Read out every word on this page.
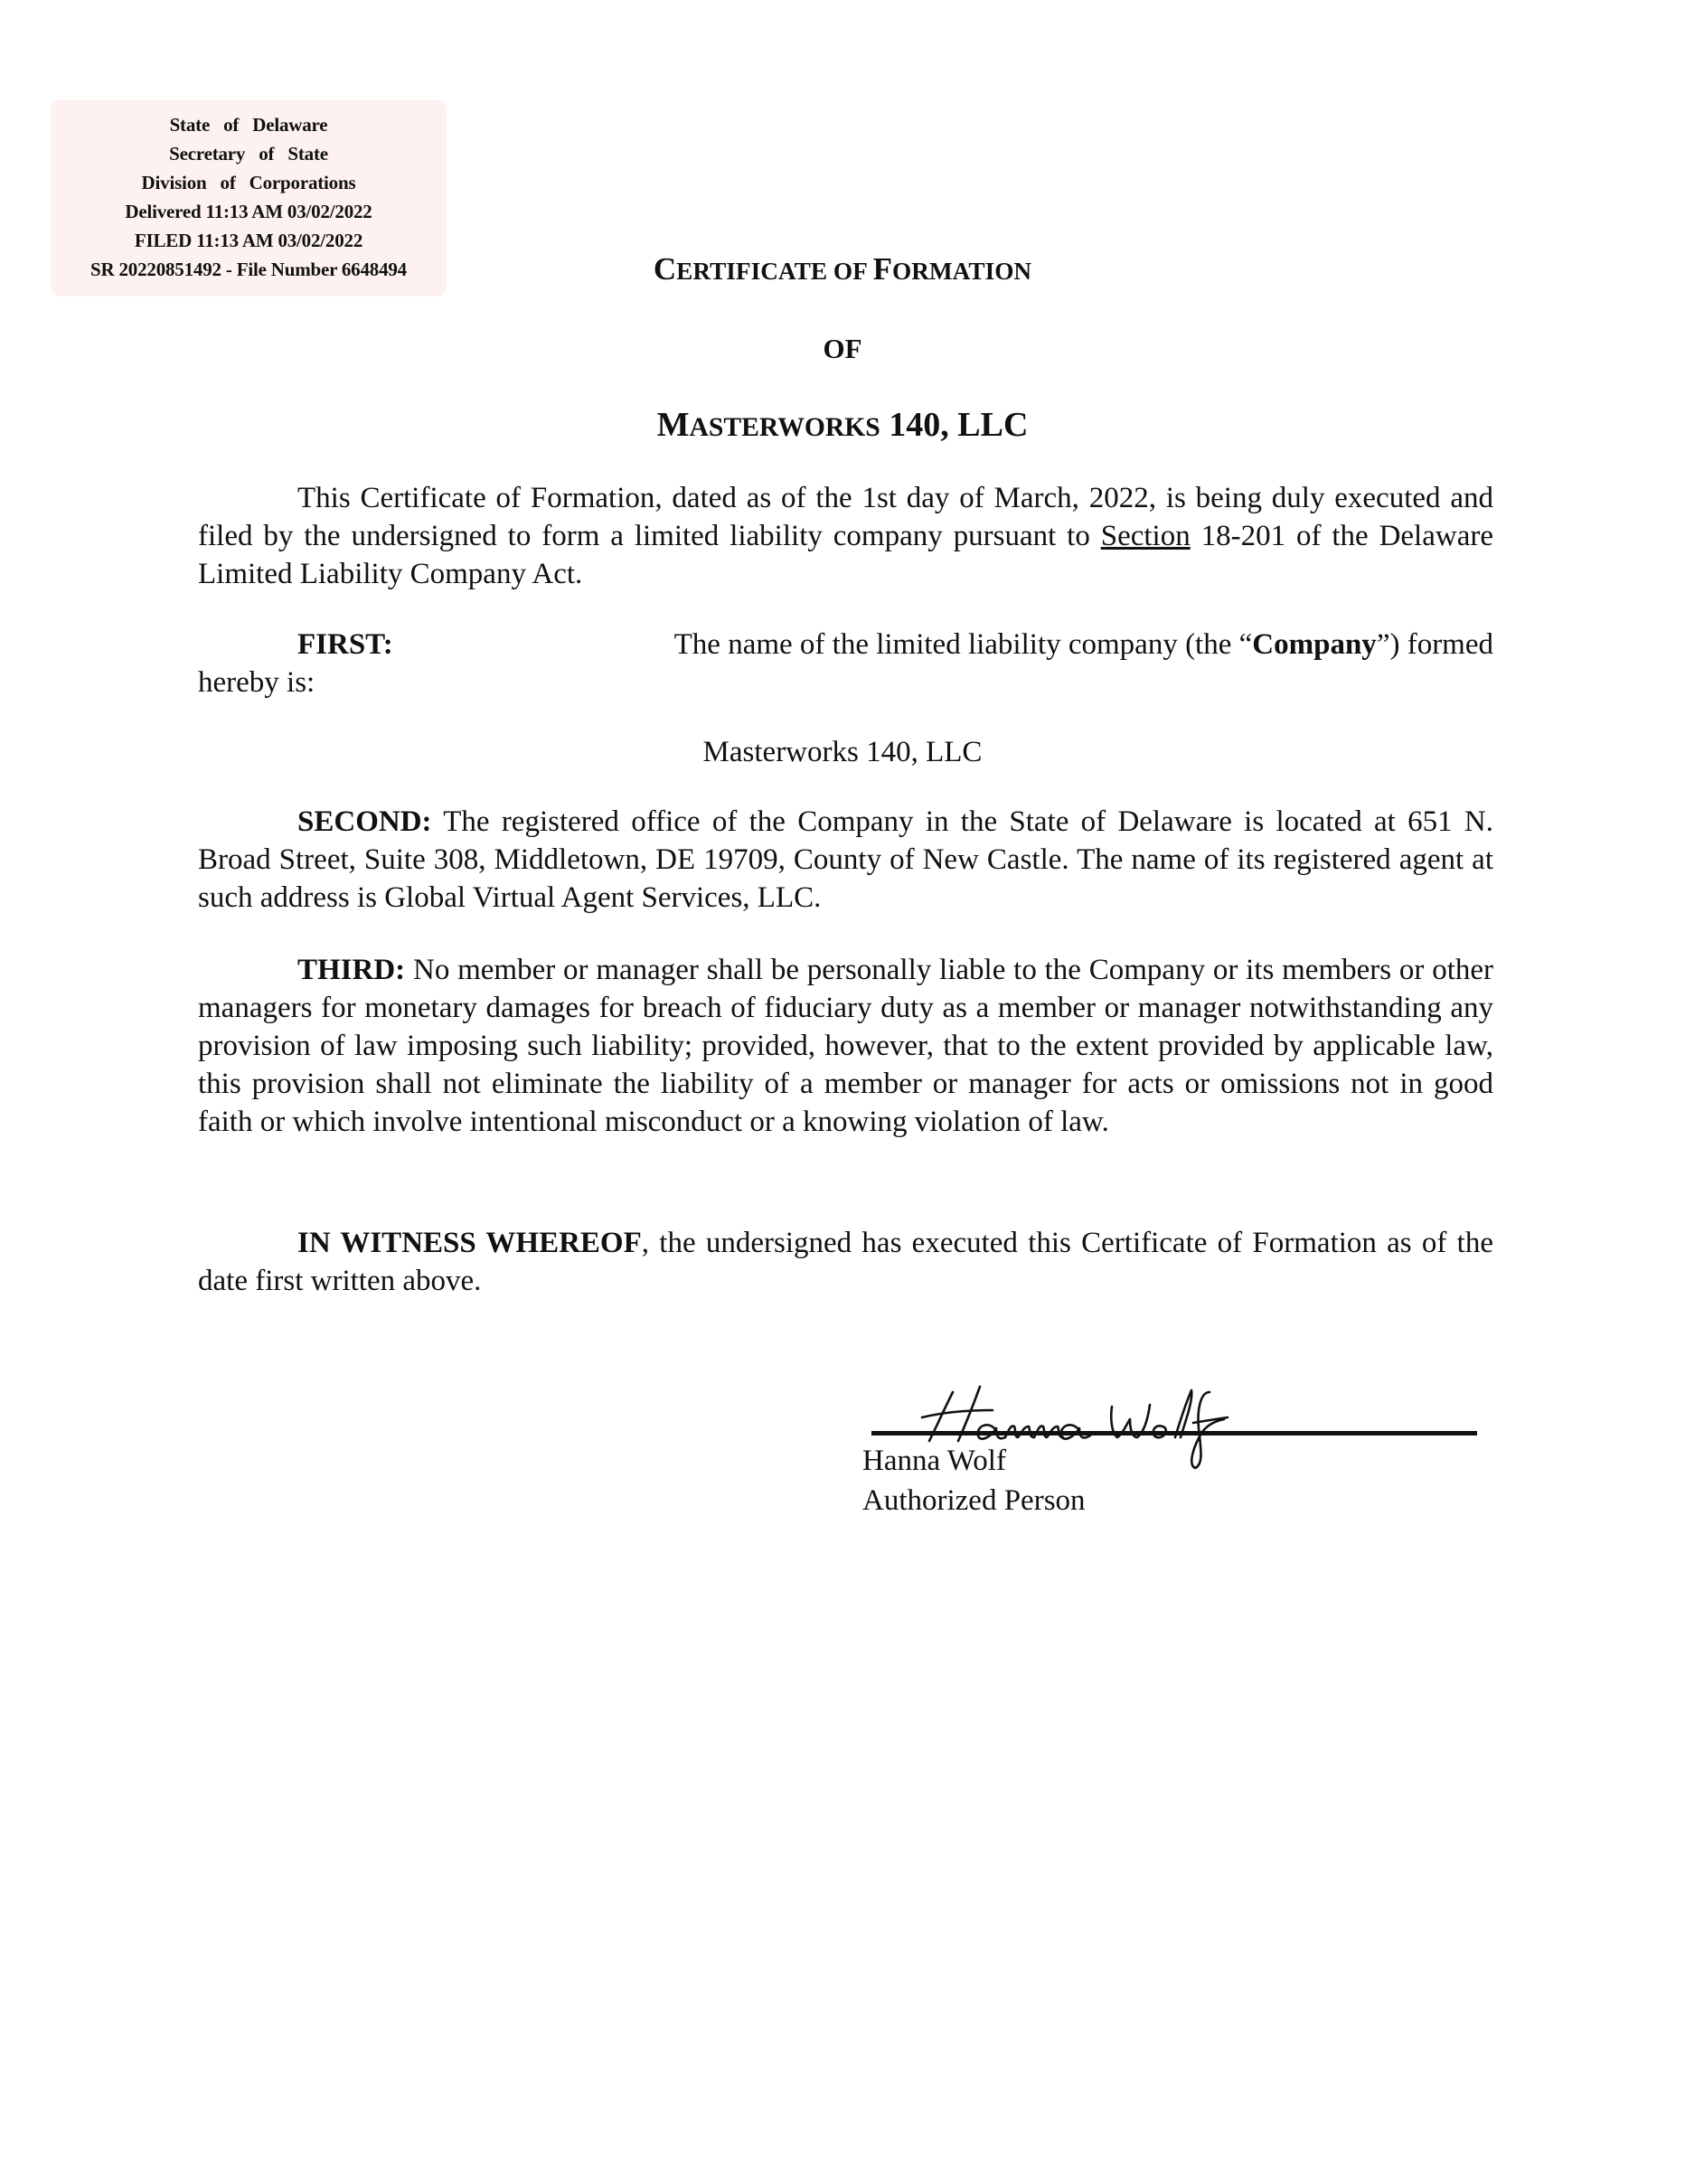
State of Delaware
Secretary of State
Division of Corporations
Delivered 11:13 AM 03/02/2022
FILED 11:13 AM 03/02/2022
SR 20220851492 - File Number 6648494	CERTIFICATE OF FORMATION
OF
MASTERWORKS 140, LLC
This Certificate of Formation, dated as of the 1st day of March, 2022, is being duly executed and filed by the undersigned to form a limited liability company pursuant to Section 18-201 of the Delaware Limited Liability Company Act.
FIRST:	The name of the limited liability company (the “Company”) formed
hereby is:
Masterworks 140, LLC
SECOND: The registered office of the Company in the State of Delaware is located at 651 N. Broad Street, Suite 308, Middletown, DE 19709, County of New Castle. The name of its registered agent at such address is Global Virtual Agent Services, LLC.
THIRD: No member or manager shall be personally liable to the Company or its members or other managers for monetary damages for breach of fiduciary duty as a member or manager notwithstanding any provision of law imposing such liability; provided, however, that to the extent provided by applicable law, this provision shall not eliminate the liability of a member or manager for acts or omissions not in good faith or which involve intentional misconduct or a knowing violation of law.
IN WITNESS WHEREOF, the undersigned has executed this Certificate of Formation as of the date first written above.
Hanna Wolf
Authorized Person
